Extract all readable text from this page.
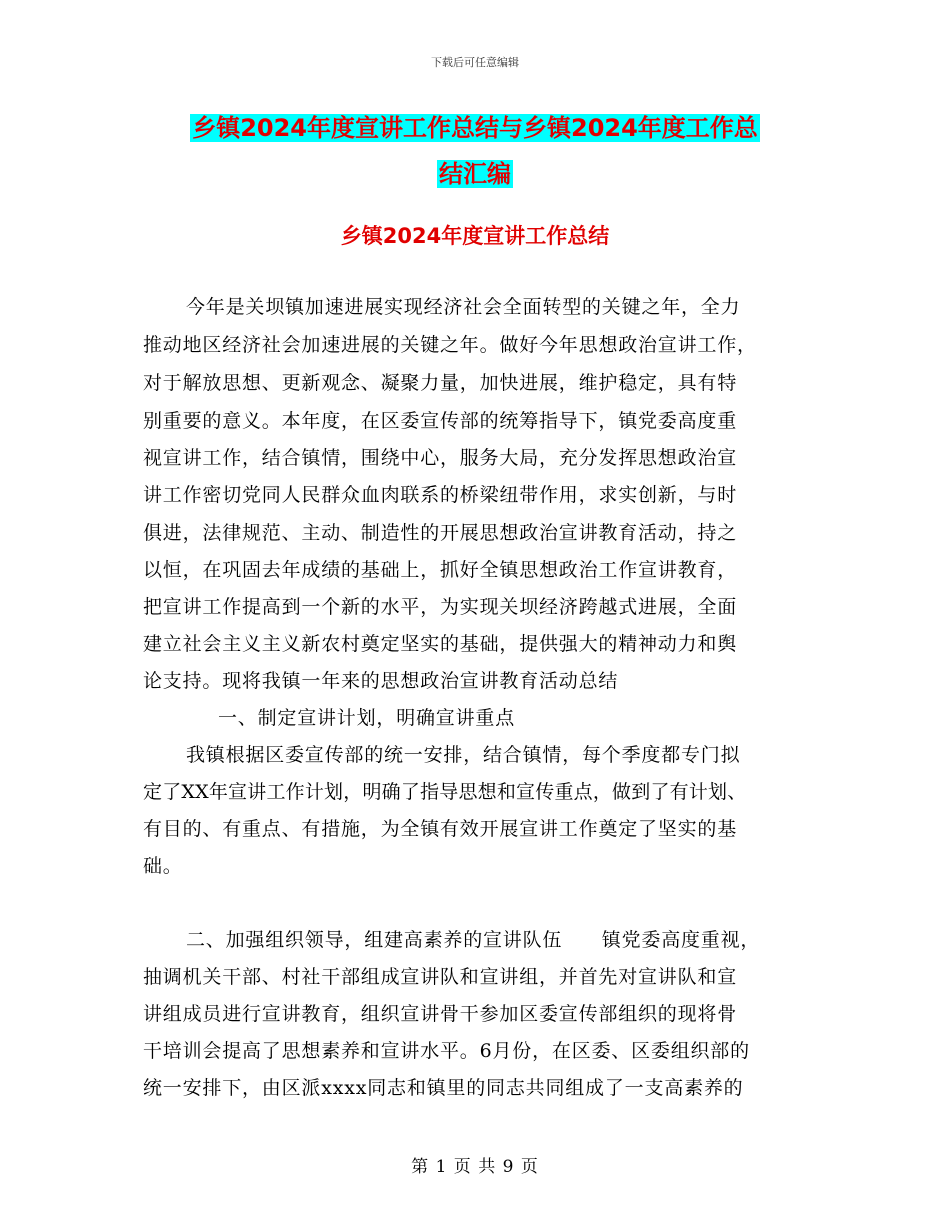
下载后可任意编辑
乡镇2024年度宣讲工作总结与乡镇2024年度工作总
结汇编
乡镇2024年度宣讲工作总结
今年是关坝镇加速进展实现经济社会全面转型的关键之年，全力
推动地区经济社会加速进展的关键之年。做好今年思想政治宣讲工作，
对于解放思想、更新观念、凝聚力量，加快进展，维护稳定，具有特
别重要的意义。本年度，在区委宣传部的统筹指导下，镇党委高度重
视宣讲工作，结合镇情，围绕中心，服务大局，充分发挥思想政治宣
讲工作密切党同人民群众血肉联系的桥梁纽带作用，求实创新，与时
俱进，法律规范、主动、制造性的开展思想政治宣讲教育活动，持之
以恒，在巩固去年成绩的基础上，抓好全镇思想政治工作宣讲教育，
把宣讲工作提高到一个新的水平，为实现关坝经济跨越式进展，全面
建立社会主义主义新农村奠定坚实的基础，提供强大的精神动力和舆
论支持。现将我镇一年来的思想政治宣讲教育活动总结
一、制定宣讲计划，明确宣讲重点
我镇根据区委宣传部的统一安排，结合镇情，每个季度都专门拟
定了XX年宣讲工作计划，明确了指导思想和宣传重点，做到了有计划、
有目的、有重点、有措施，为全镇有效开展宣讲工作奠定了坚实的基
础。
二、加强组织领导，组建高素养的宣讲队伍　　镇党委高度重视，
抽调机关干部、村社干部组成宣讲队和宣讲组，并首先对宣讲队和宣
讲组成员进行宣讲教育，组织宣讲骨干参加区委宣传部组织的现将骨
干培训会提高了思想素养和宣讲水平。6月份，在区委、区委组织部的
统一安排下，由区派xxxx同志和镇里的同志共同组成了一支高素养的
第 1 页 共 9 页
